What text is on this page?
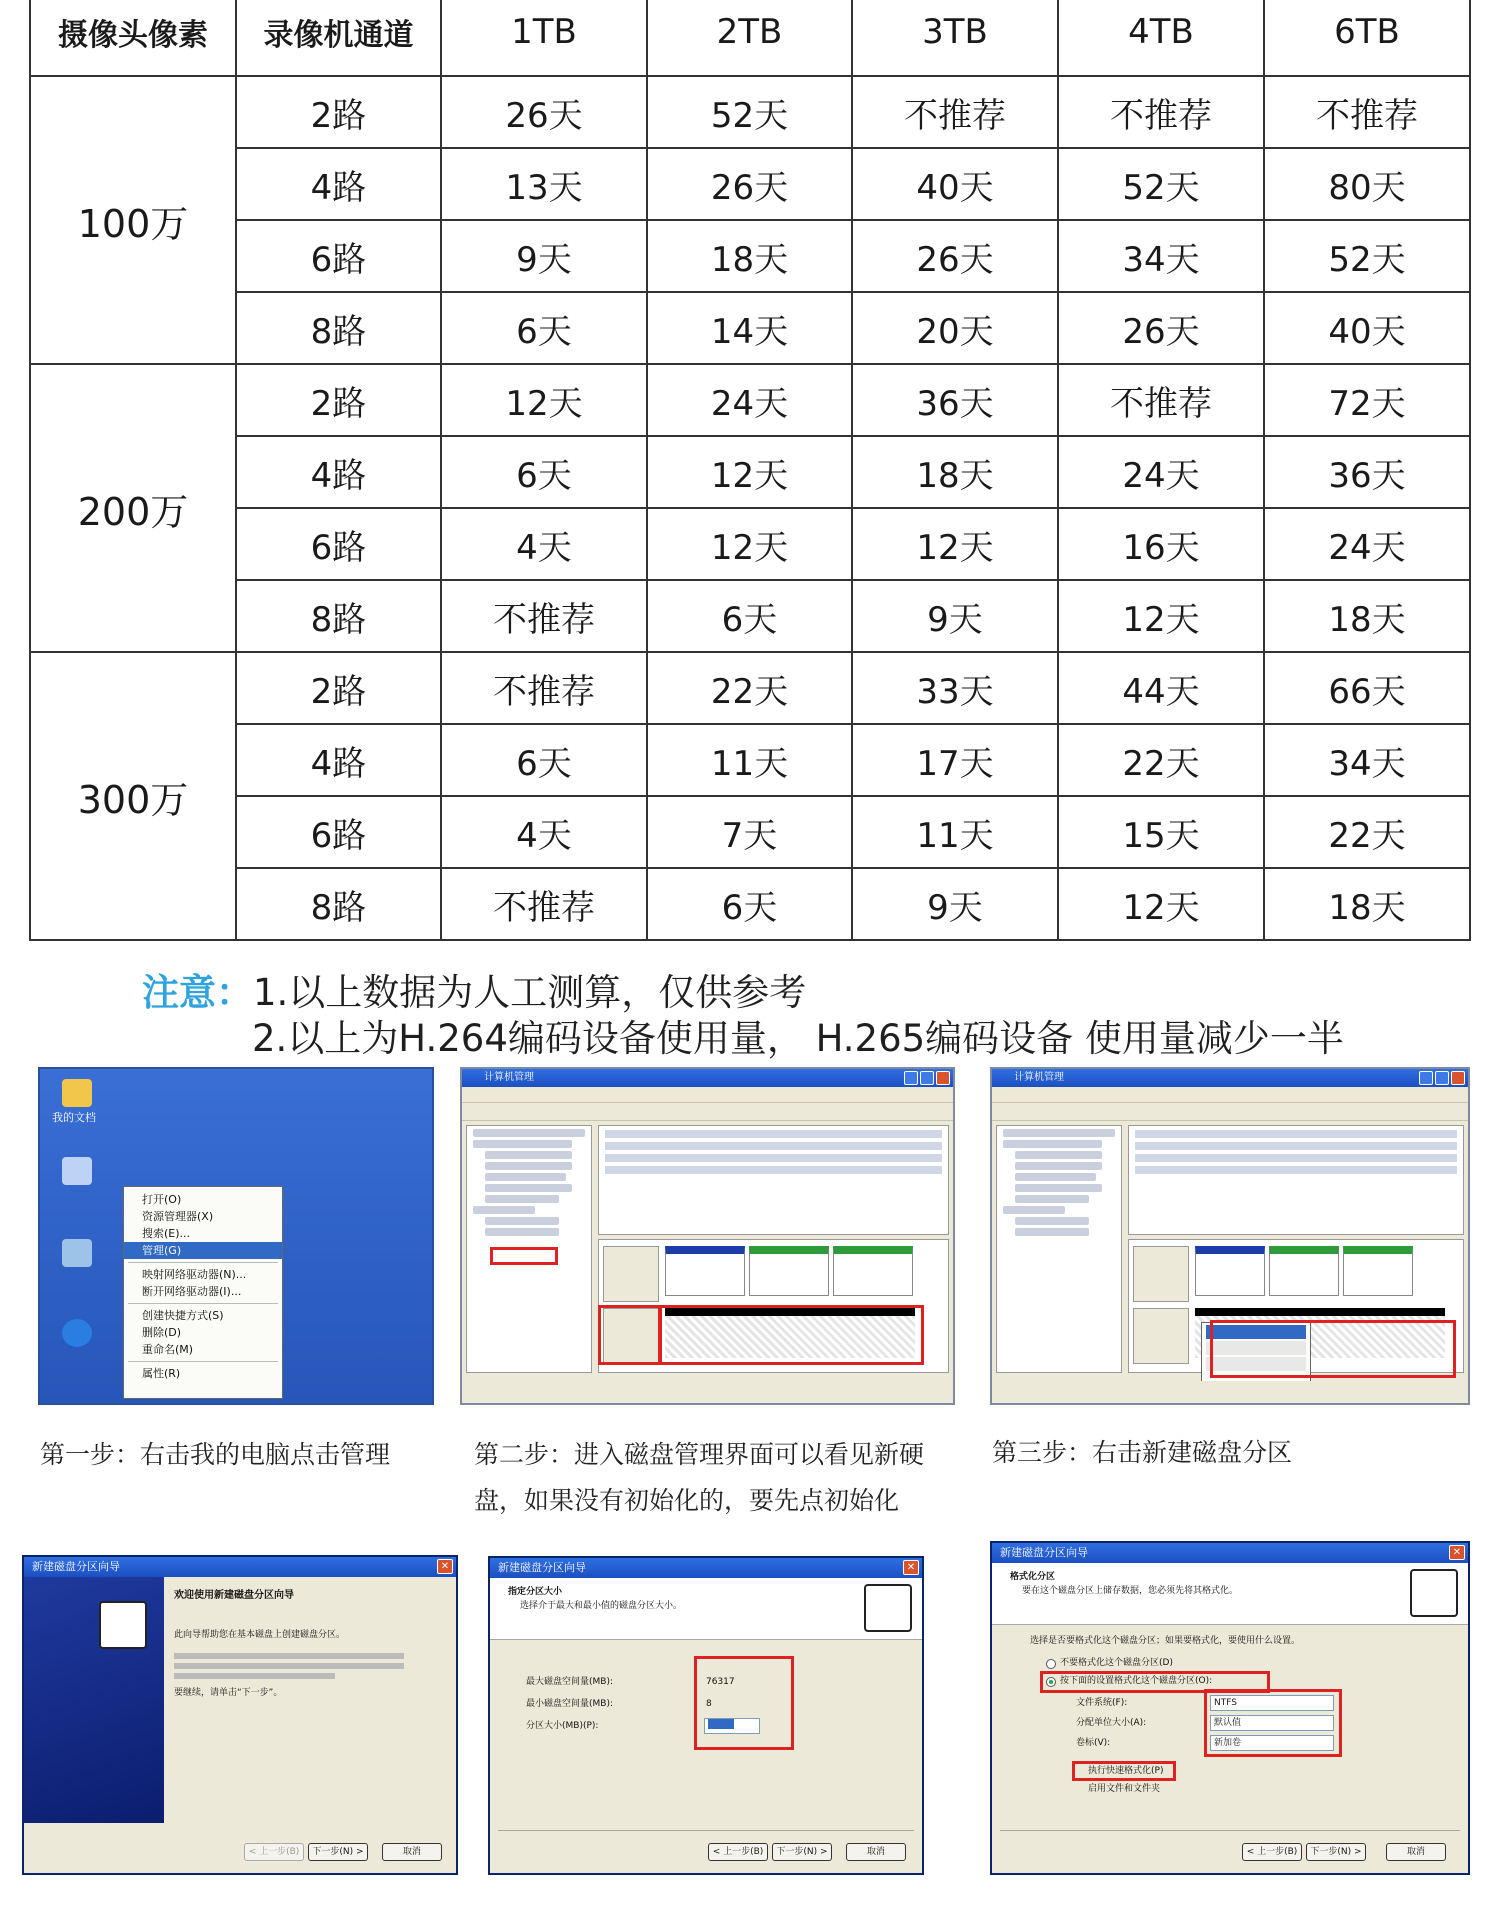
摄像头像素	录像机通道	1TB	2TB	3TB	4TB	6TB
100万	2路	26天	52天	不推荐	不推荐	不推荐
	4路	13天	26天	40天	52天	80天
	6路	9天	18天	26天	34天	52天
	8路	6天	14天	20天	26天	40天
200万	2路	12天	24天	36天	不推荐	72天
	4路	6天	12天	18天	24天	36天
	6路	4天	12天	12天	16天	24天
	8路	不推荐	6天	9天	12天	18天
300万	2路	不推荐	22天	33天	44天	66天
	4路	6天	11天	17天	22天	34天
	6路	4天	7天	11天	15天	22天
	8路	不推荐	6天	9天	12天	18天
注意：1.以上数据为人工测算，仅供参考
2.以上为H.264编码设备使用量， H.265编码设备 使用量减少一半
我的文档
打开(O)
资源管理器(X)
搜索(E)...
管理(G)
映射网络驱动器(N)...
断开网络驱动器(I)...
创建快捷方式(S)
删除(D)
重命名(M)
属性(R)
计算机管理	计算机管理
第一步：右击我的电脑点击管理	第二步：进入磁盘管理界面可以看见新硬盘，如果没有初始化的，要先点初始化
第三步：右击新建磁盘分区
新建磁盘分区向导	✕
欢迎使用新建磁盘分区向导
此向导帮助您在基本磁盘上创建磁盘分区。
要继续，请单击“下一步”。
< 上一步(B)	下一步(N) >	取消
新建磁盘分区向导	✕
指定分区大小
选择介于最大和最小值的磁盘分区大小。
最大磁盘空间量(MB):
最小磁盘空间量(MB):
分区大小(MB)(P):
76317
8
< 上一步(B)	下一步(N) >	取消
新建磁盘分区向导	✕
格式化分区
要在这个磁盘分区上储存数据，您必须先将其格式化。
选择是否要格式化这个磁盘分区；如果要格式化，要使用什么设置。
不要格式化这个磁盘分区(D)
按下面的设置格式化这个磁盘分区(O):
文件系统(F):
分配单位大小(A):
卷标(V):
NTFS
默认值
新加卷
执行快速格式化(P)
启用文件和文件夹
< 上一步(B)	下一步(N) >	取消
